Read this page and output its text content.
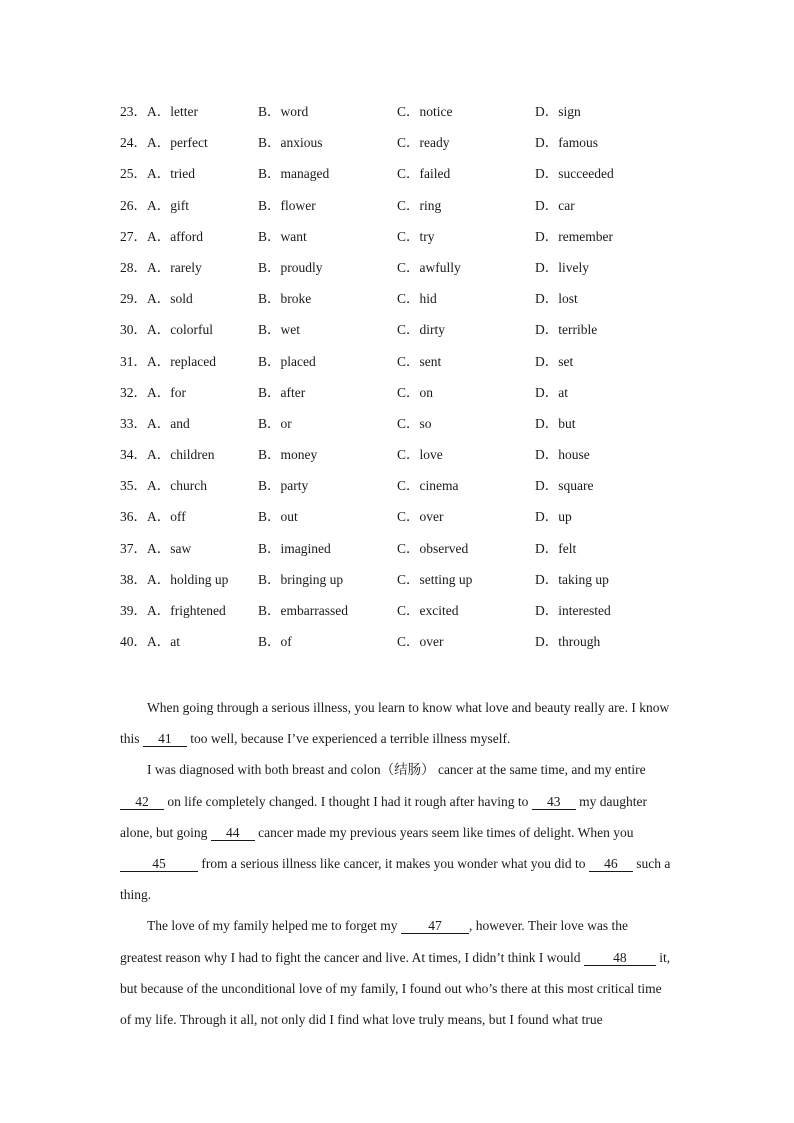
23．A．letter	B．word	C．notice	D．sign
24．A．perfect	B．anxious	C．ready	D．famous
25．A．tried	B．managed	C．failed	D．succeeded
26．A．gift	B．flower	C．ring	D．car
27．A．afford	B．want	C．try	D．remember
28．A．rarely	B．proudly	C．awfully	D．lively
29．A．sold	B．broke	C．hid	D．lost
30．A．colorful	B．wet	C．dirty	D．terrible
31．A．replaced	B．placed	C．sent	D．set
32．A．for	B．after	C．on	D．at
33．A．and	B．or	C．so	D．but
34．A．children	B．money	C．love	D．house
35．A．church	B．party	C．cinema	D．square
36．A．off	B．out	C．over	D．up
37．A．saw	B．imagined	C．observed	D．felt
38．A．holding up B．bringing up	C．setting up	D．taking up
39．A．frightened B．embarrassed	C．excited	D．interested
40．A．at	B．of	C．over	D．through

When going through a serious illness, you learn to know what love and beauty really are. I know this 41 too well, because I’ve experienced a terrible illness myself.

I was diagnosed with both breast and colon（结肠） cancer at the same time, and my entire 42 on life completely changed. I thought I had it rough after having to 43 my daughter alone, but going 44 cancer made my previous years seem like times of delight. When you 45 from a serious illness like cancer, it makes you wonder what you did to 46 such a thing.

The love of my family helped me to forget my 47 , however. Their love was the greatest reason why I had to fight the cancer and live. At times, I didn’t think I would 48 it, but because of the unconditional love of my family, I found out who’s there at this most critical time of my life. Through it all, not only did I find what love truly means, but I found what true
